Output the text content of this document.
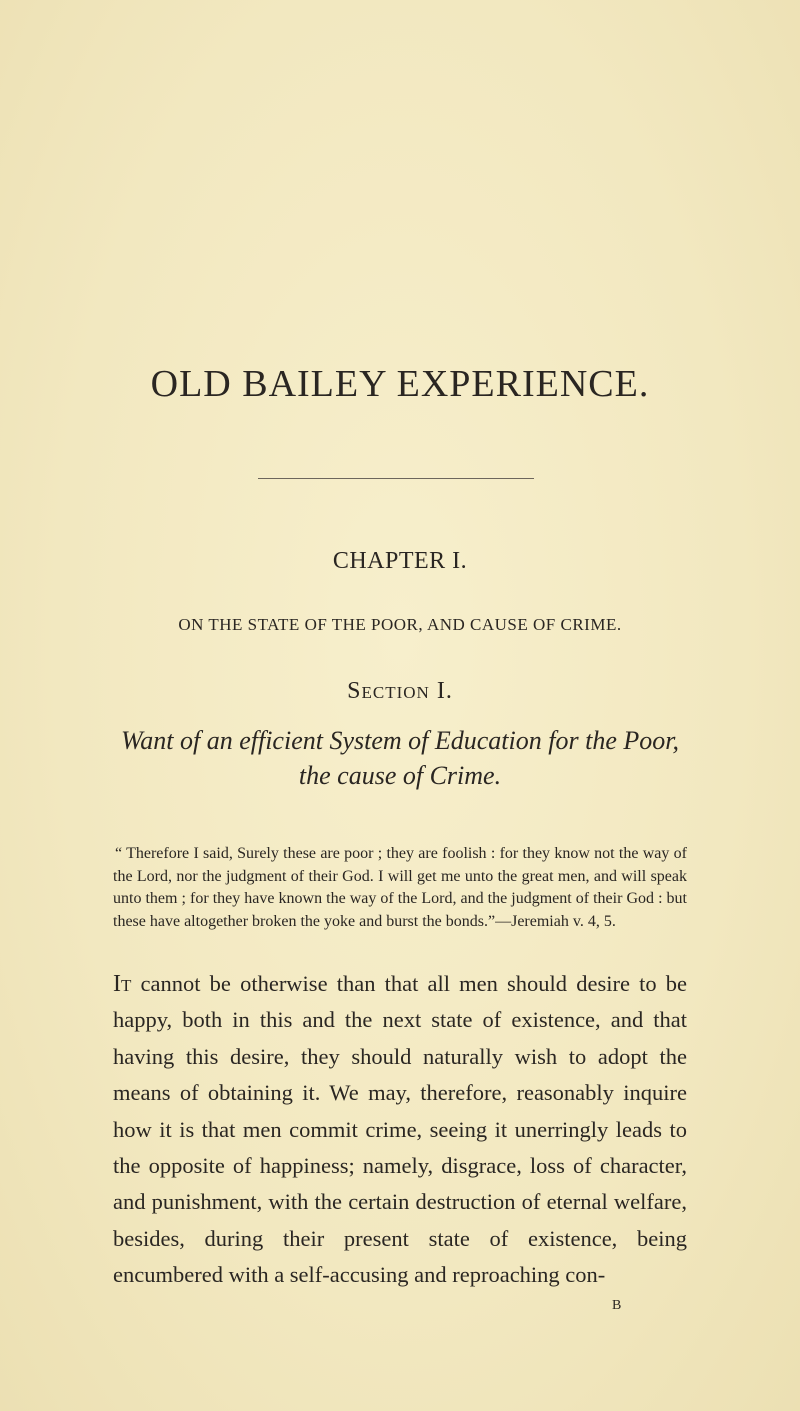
OLD BAILEY EXPERIENCE.
CHAPTER I.
ON THE STATE OF THE POOR, AND CAUSE OF CRIME.
Section I.
Want of an efficient System of Education for the Poor, the cause of Crime.
“ Therefore I said, Surely these are poor ; they are foolish : for they know not the way of the Lord, nor the judgment of their God. I will get me unto the great men, and will speak unto them ; for they have known the way of the Lord, and the judgment of their God : but these have altogether broken the yoke and burst the bonds.”—Jeremiah v. 4, 5.
It cannot be otherwise than that all men should desire to be happy, both in this and the next state of existence, and that having this desire, they should naturally wish to adopt the means of obtaining it. We may, therefore, reasonably inquire how it is that men commit crime, seeing it unerringly leads to the opposite of happiness; namely, disgrace, loss of character, and punishment, with the certain destruction of eternal welfare, besides, during their present state of existence, being encumbered with a self-accusing and reproaching con-
B
